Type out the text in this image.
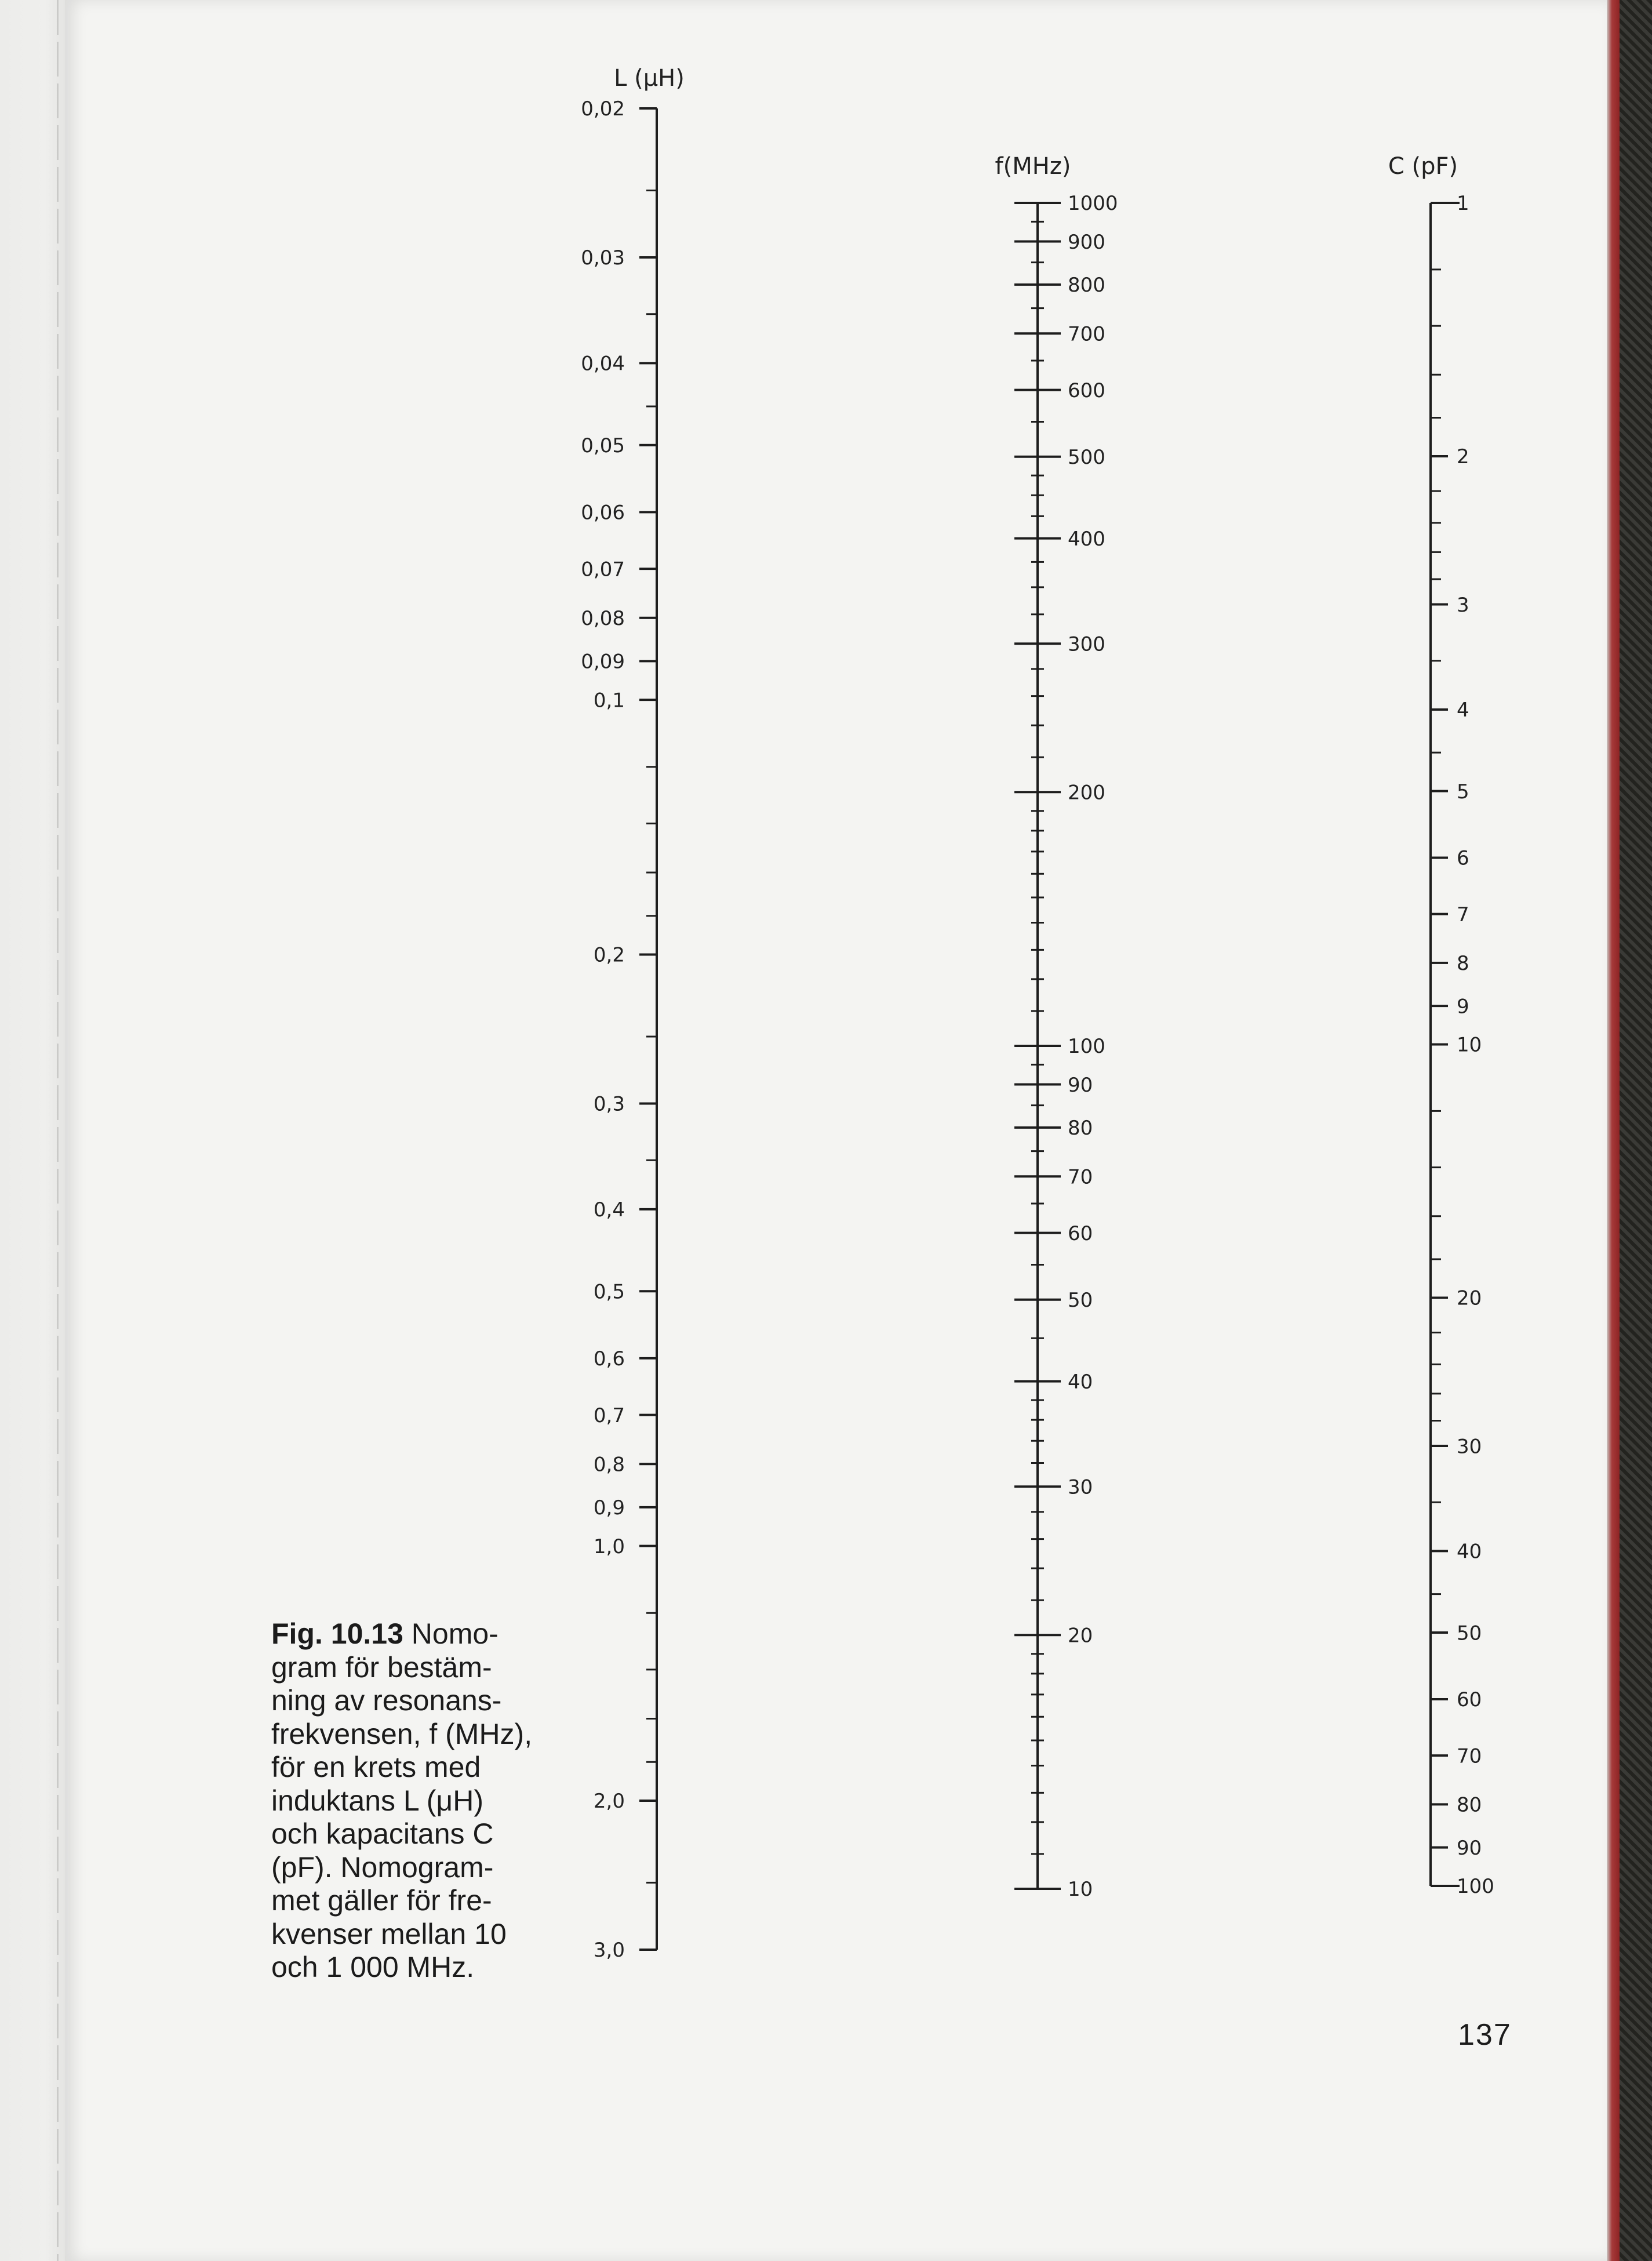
L (μH)
0,02
0,03
0,04
0,05
0,06
0,07
0,08
0,09
0,1
0,2
0,3
0,4
0,5
0,6
0,7
0,8
0,9
1,0
2,0
3,0
f(MHz)
1000
900
800
700
600
500
400
300
200
100
90
80
70
60
50
40
30
20
10
C (pF)
1
2
3
4
5
6
7
8
9
10
20
30
40
50
60
70
80
90
100
Fig. 10.13 Nomo-
gram för bestäm-
ning av resonans-
frekvensen, f (MHz),
för en krets med
induktans L (μH)
och kapacitans C
(pF). Nomogram-
met gäller för fre-
kvenser mellan 10
och 1 000 MHz.
137
